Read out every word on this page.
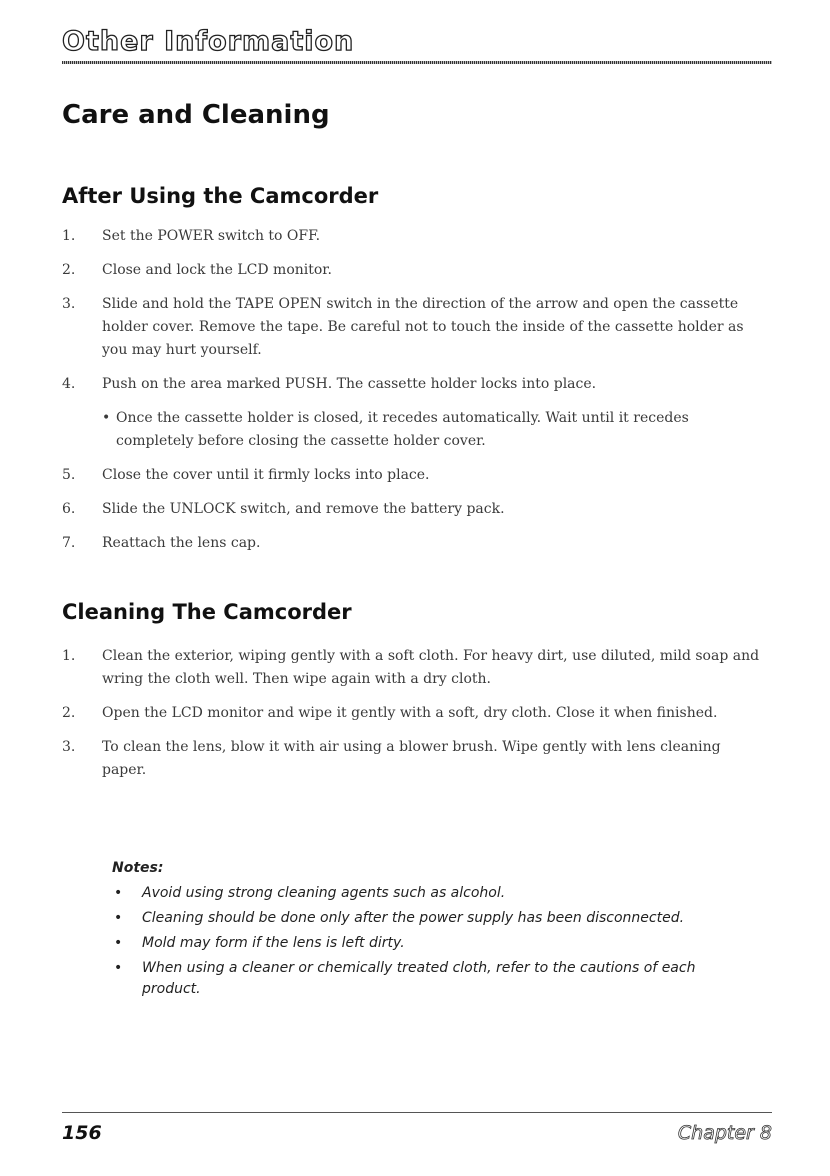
Other Information
Care and Cleaning
After Using the Camcorder
1. Set the POWER switch to OFF.
2. Close and lock the LCD monitor.
3. Slide and hold the TAPE OPEN switch in the direction of the arrow and open the cassette holder cover. Remove the tape. Be careful not to touch the inside of the cassette holder as you may hurt yourself.
4. Push on the area marked PUSH. The cassette holder locks into place.
• Once the cassette holder is closed, it recedes automatically. Wait until it recedes completely before closing the cassette holder cover.
5. Close the cover until it firmly locks into place.
6. Slide the UNLOCK switch, and remove the battery pack.
7. Reattach the lens cap.
Cleaning The Camcorder
1. Clean the exterior, wiping gently with a soft cloth. For heavy dirt, use diluted, mild soap and wring the cloth well. Then wipe again with a dry cloth.
2. Open the LCD monitor and wipe it gently with a soft, dry cloth. Close it when finished.
3. To clean the lens, blow it with air using a blower brush. Wipe gently with lens cleaning paper.
Notes:
• Avoid using strong cleaning agents such as alcohol.
• Cleaning should be done only after the power supply has been disconnected.
• Mold may form if the lens is left dirty.
• When using a cleaner or chemically treated cloth, refer to the cautions of each product.
156	Chapter 8
